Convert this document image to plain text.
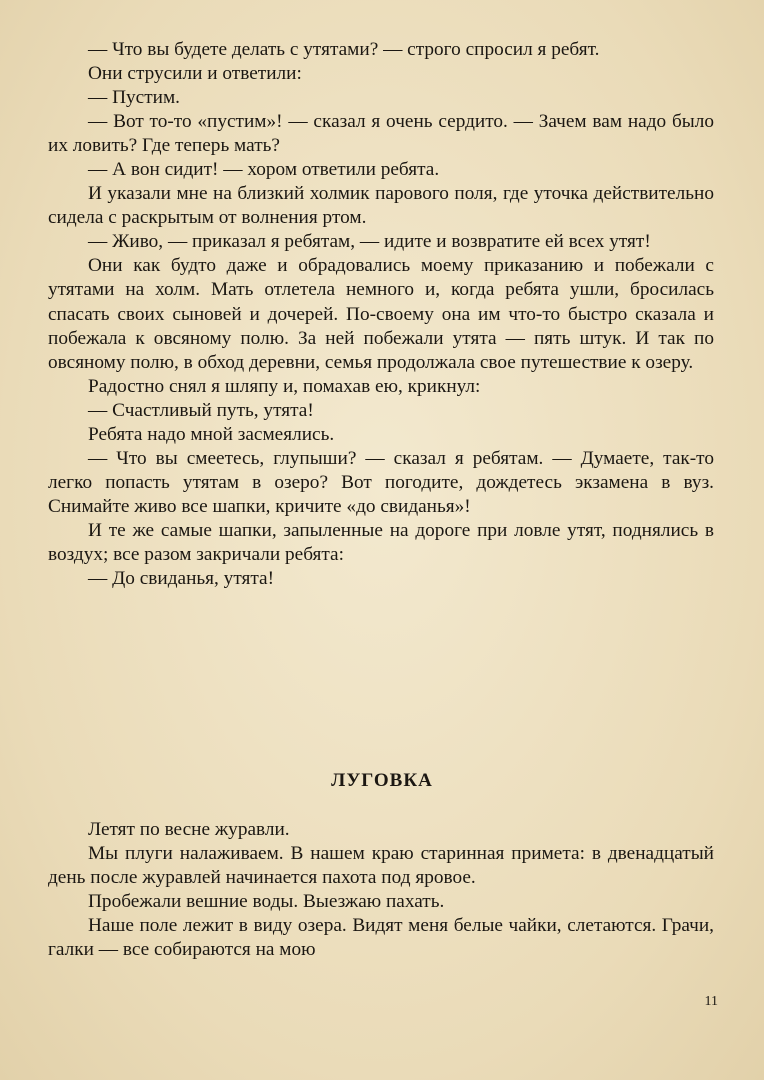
— Что вы будете делать с утятами? — строго спросил я ребят.

Они струсили и ответили:

— Пустим.

— Вот то-то «пустим»! — сказал я очень сердито. — Зачем вам надо было их ловить? Где теперь мать?

— А вон сидит! — хором ответили ребята.

И указали мне на близкий холмик парового поля, где уточка действительно сидела с раскрытым от волнения ртом.

— Живо, — приказал я ребятам, — идите и возвратите ей всех утят!

Они как будто даже и обрадовались моему приказанию и побежали с утятами на холм. Мать отлетела немного и, когда ребята ушли, бросилась спасать своих сыновей и дочерей. По-своему она им что-то быстро сказала и побежала к овсяному полю. За ней побежали утята — пять штук. И так по овсяному полю, в обход деревни, семья продолжала свое путешествие к озеру.

Радостно снял я шляпу и, помахав ею, крикнул:

— Счастливый путь, утята!

Ребята надо мной засмеялись.

— Что вы смеетесь, глупыши? — сказал я ребятам. — Думаете, так-то легко попасть утятам в озеро? Вот погодите, дождетесь экзамена в вуз. Снимайте живо все шапки, кричите «до свиданья»!

И те же самые шапки, запыленные на дороге при ловле утят, поднялись в воздух; все разом закричали ребята:

— До свиданья, утята!

ЛУГОВКА

Летят по весне журавли.

Мы плуги налаживаем. В нашем краю старинная примета: в двенадцатый день после журавлей начинается пахота под яровое.

Пробежали вешние воды. Выезжаю пахать.

Наше поле лежит в виду озера. Видят меня белые чайки, слетаются. Грачи, галки — все собираются на мою

11
